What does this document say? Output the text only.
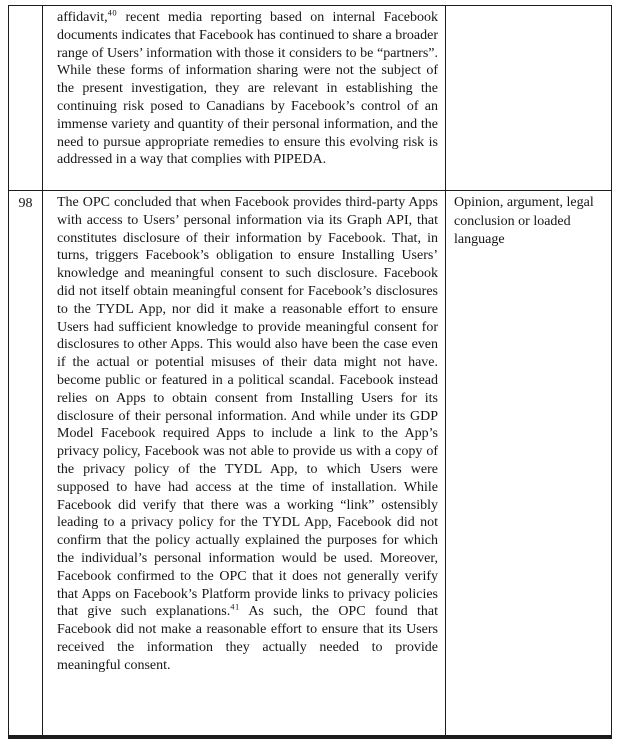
	affidavit,$^{40}$ recent media reporting based on internal Facebook documents indicates that Facebook has continued to share a broader range of Users’ information with those it considers to be “partners”. While these forms of information sharing were not the subject of the present investigation, they are relevant in establishing the continuing risk posed to Canadians by Facebook’s control of an immense variety and quantity of their personal information, and the need to pursue appropriate remedies to ensure this evolving risk is addressed in a way that complies with PIPEDA.	

98	The OPC concluded that when Facebook provides third-party Apps with access to Users’ personal information via its Graph API, that constitutes disclosure of their information by Facebook. That, in turns, triggers Facebook’s obligation to ensure Installing Users’ knowledge and meaningful consent to such disclosure. Facebook did not itself obtain meaningful consent for Facebook’s disclosures to the TYDL App, nor did it make a reasonable effort to ensure Users had sufficient knowledge to provide meaningful consent for disclosures to other Apps. This would also have been the case even if the actual or potential misuses of their data might not have. become public or featured in a political scandal. Facebook instead relies on Apps to obtain consent from Installing Users for its disclosure of their personal information. And while under its GDP Model Facebook required Apps to include a link to the App’s privacy policy, Facebook was not able to provide us with a copy of the privacy policy of the TYDL App, to which Users were supposed to have had access at the time of installation. While Facebook did verify that there was a working “link” ostensibly leading to a privacy policy for the TYDL App, Facebook did not confirm that the policy actually explained the purposes for which the individual’s personal information would be used. Moreover, Facebook confirmed to the OPC that it does not generally verify that Apps on Facebook’s Platform provide links to privacy policies that give such explanations.$^{41}$ As such, the OPC found that Facebook did not make a reasonable effort to ensure that its Users received the information they actually needed to provide meaningful consent.	Opinion, argument, legal conclusion or loaded language
